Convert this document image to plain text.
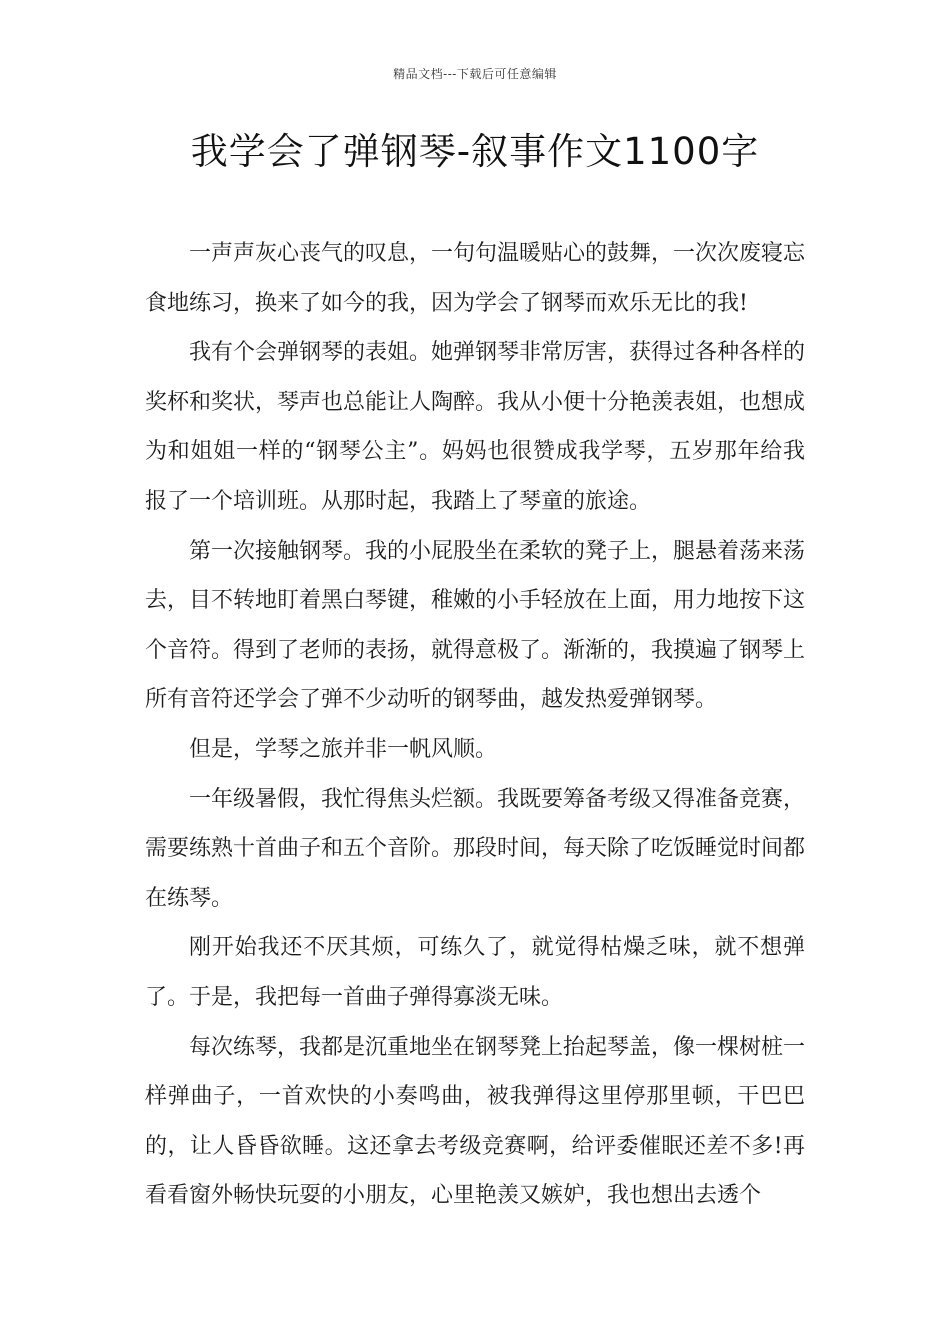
精品文档---下载后可任意编辑
我学会了弹钢琴-叙事作文1100字

一声声灰心丧气的叹息，一句句温暖贴心的鼓舞，一次次废寝忘食地练习，换来了如今的我，因为学会了钢琴而欢乐无比的我!

我有个会弹钢琴的表姐。她弹钢琴非常厉害，获得过各种各样的奖杯和奖状，琴声也总能让人陶醉。我从小便十分艳羡表姐，也想成为和姐姐一样的“钢琴公主”。妈妈也很赞成我学琴，五岁那年给我报了一个培训班。从那时起，我踏上了琴童的旅途。

第一次接触钢琴。我的小屁股坐在柔软的凳子上，腿悬着荡来荡去，目不转地盯着黑白琴键，稚嫩的小手轻放在上面，用力地按下这个音符。得到了老师的表扬，就得意极了。渐渐的，我摸遍了钢琴上所有音符还学会了弹不少动听的钢琴曲，越发热爱弹钢琴。

但是，学琴之旅并非一帆风顺。

一年级暑假，我忙得焦头烂额。我既要筹备考级又得准备竞赛，需要练熟十首曲子和五个音阶。那段时间，每天除了吃饭睡觉时间都在练琴。

刚开始我还不厌其烦，可练久了，就觉得枯燥乏味，就不想弹了。于是，我把每一首曲子弹得寡淡无味。

每次练琴，我都是沉重地坐在钢琴凳上抬起琴盖，像一棵树桩一样弹曲子，一首欢快的小奏鸣曲，被我弹得这里停那里顿，干巴巴的，让人昏昏欲睡。这还拿去考级竞赛啊，给评委催眠还差不多!再看看窗外畅快玩耍的小朋友，心里艳羡又嫉妒，我也想出去透个
